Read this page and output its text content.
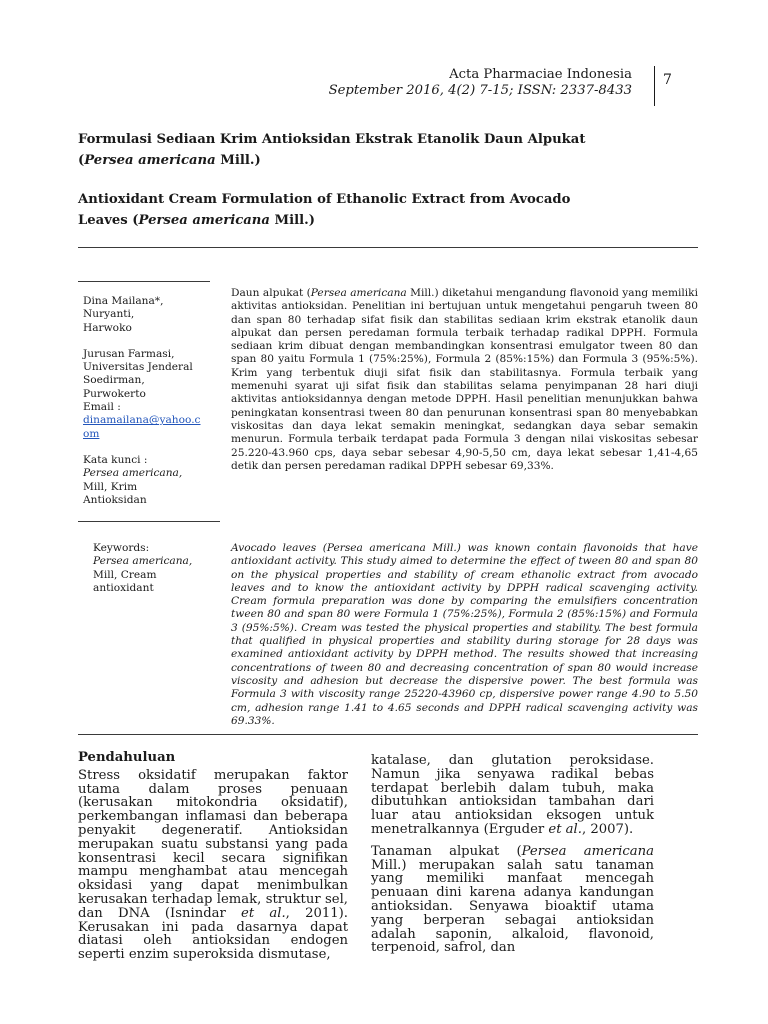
Acta Pharmaciae Indonesia
September 2016, 4(2) 7-15; ISSN: 2337-8433
7
Formulasi Sediaan Krim Antioksidan Ekstrak Etanolik Daun Alpukat
(Persea americana Mill.)
Antioxidant Cream Formulation of Ethanolic Extract from Avocado
Leaves (Persea americana Mill.)
Dina Mailana*,
Nuryanti,
Harwoko
Jurusan Farmasi,
Universitas Jenderal
Soedirman,
Purwokerto
Email :
dinamailana@yahoo.c
om
Kata kunci :
Persea americana,
Mill, Krim
Antioksidan
Daun alpukat (Persea americana Mill.) diketahui mengandung flavonoid yang memiliki aktivitas antioksidan. Penelitian ini bertujuan untuk mengetahui pengaruh tween 80 dan span 80 terhadap sifat fisik dan stabilitas sediaan krim ekstrak etanolik daun alpukat dan persen peredaman formula terbaik terhadap radikal DPPH. Formula sediaan krim dibuat dengan membandingkan konsentrasi emulgator tween 80 dan span 80 yaitu Formula 1 (75%:25%), Formula 2 (85%:15%) dan Formula 3 (95%:5%). Krim yang terbentuk diuji sifat fisik dan stabilitasnya. Formula terbaik yang memenuhi syarat uji sifat fisik dan stabilitas selama penyimpanan 28 hari diuji aktivitas antioksidannya dengan metode DPPH. Hasil penelitian menunjukkan bahwa peningkatan konsentrasi tween 80 dan penurunan konsentrasi span 80 menyebabkan viskositas dan daya lekat semakin meningkat, sedangkan daya sebar semakin menurun. Formula terbaik terdapat pada Formula 3 dengan nilai viskositas sebesar 25.220-43.960 cps, daya sebar sebesar 4,90-5,50 cm, daya lekat sebesar 1,41-4,65 detik dan persen peredaman radikal DPPH sebesar 69,33%.
Keywords:
Persea americana,
Mill, Cream
antioxidant
Avocado leaves (Persea americana Mill.) was known contain flavonoids that have antioxidant activity. This study aimed to determine the effect of tween 80 and span 80 on the physical properties and stability of cream ethanolic extract from avocado leaves and to know the antioxidant activity by DPPH radical scavenging activity. Cream formula preparation was done by comparing the emulsifiers concentration tween 80 and span 80 were Formula 1 (75%:25%), Formula 2 (85%:15%) and Formula 3 (95%:5%). Cream was tested the physical properties and stability. The best formula that qualified in physical properties and stability during storage for 28 days was examined antioxidant activity by DPPH method. The results showed that increasing concentrations of tween 80 and decreasing concentration of span 80 would increase viscosity and adhesion but decrease the dispersive power. The best formula was Formula 3 with viscosity range 25220-43960 cp, dispersive power range 4.90 to 5.50 cm, adhesion range 1.41 to 4.65 seconds and DPPH radical scavenging activity was 69.33%.
Pendahuluan

Stress oksidatif merupakan faktor utama dalam proses penuaan (kerusakan mitokondria oksidatif), perkembangan inflamasi dan beberapa penyakit degeneratif. Antioksidan merupakan suatu substansi yang pada konsentrasi kecil secara signifikan mampu menghambat atau mencegah oksidasi yang dapat menimbulkan kerusakan terhadap lemak, struktur sel, dan DNA (Isnindar et al., 2011). Kerusakan ini pada dasarnya dapat diatasi oleh antioksidan endogen seperti enzim superoksida dismutase,

katalase, dan glutation peroksidase. Namun jika senyawa radikal bebas terdapat berlebih dalam tubuh, maka dibutuhkan antioksidan tambahan dari luar atau antioksidan eksogen untuk menetralkannya (Erguder et al., 2007).

Tanaman alpukat (Persea americana Mill.) merupakan salah satu tanaman yang memiliki manfaat mencegah penuaan dini karena adanya kandungan antioksidan. Senyawa bioaktif utama yang berperan sebagai antioksidan adalah saponin, alkaloid, flavonoid, terpenoid, safrol, dan
